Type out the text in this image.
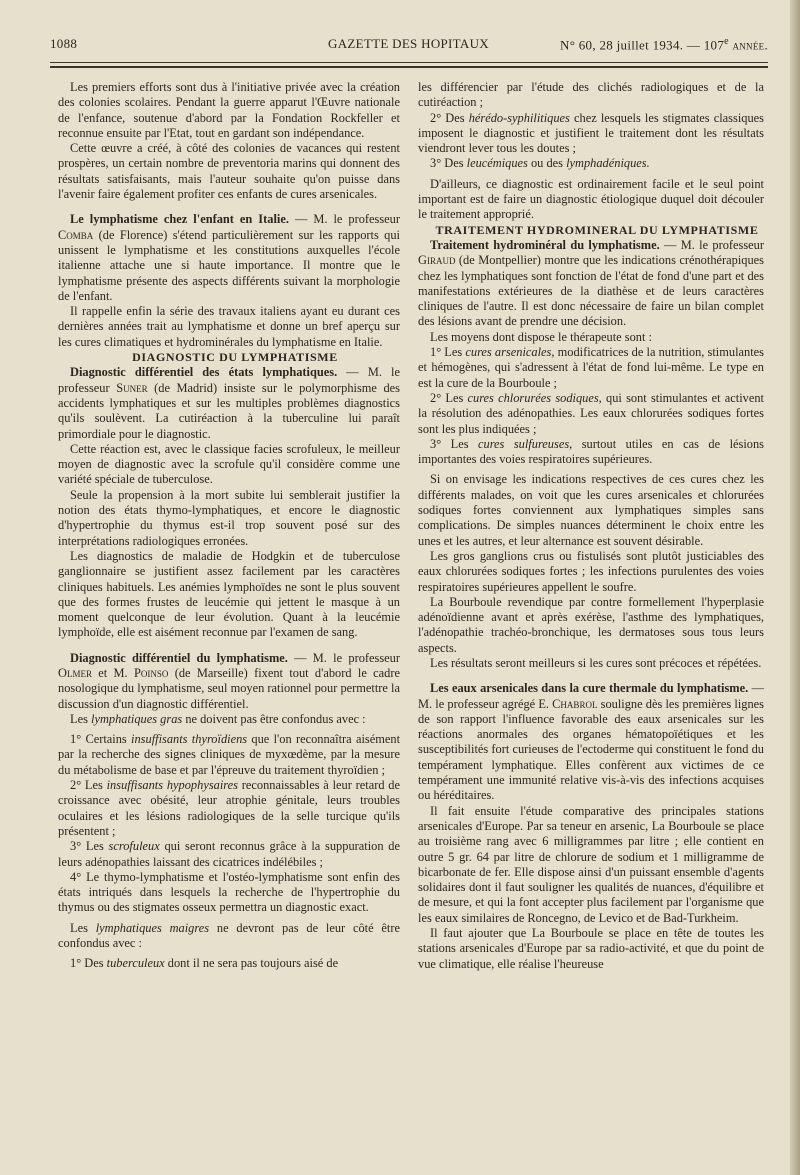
1088	GAZETTE DES HOPITAUX	N° 60, 28 juillet 1934. — 107e année.

Les premiers efforts sont dus à l'initiative privée avec la création des colonies scolaires. Pendant la guerre apparut l'Œuvre nationale de l'enfance, soutenue d'abord par la Fondation Rockfeller et reconnue ensuite par l'Etat, tout en gardant son indépendance.

Cette œuvre a créé, à côté des colonies de vacances qui restent prospères, un certain nombre de preventoria marins qui donnent des résultats satisfaisants, mais l'auteur souhaite qu'on puisse dans l'avenir faire également profiter ces enfants de cures arsenicales.

Le lymphatisme chez l'enfant en Italie. — M. le professeur Comba (de Florence) s'étend particulièrement sur les rapports qui unissent le lymphatisme et les constitutions auxquelles l'école italienne attache une si haute importance. Il montre que le lymphatisme présente des aspects différents suivant la morphologie de l'enfant.

Il rappelle enfin la série des travaux italiens ayant eu durant ces dernières années trait au lymphatisme et donne un bref aperçu sur les cures climatiques et hydrominérales du lymphatisme en Italie.

DIAGNOSTIC DU LYMPHATISME

Diagnostic différentiel des états lymphatiques. — M. le professeur Suner (de Madrid) insiste sur le polymorphisme des accidents lymphatiques et sur les multiples problèmes diagnostics qu'ils soulèvent. La cutiréaction à la tuberculine lui paraît primordiale pour le diagnostic.

Cette réaction est, avec le classique facies scrofuleux, le meilleur moyen de diagnostic avec la scrofule qu'il considère comme une variété spéciale de tuberculose.

Seule la propension à la mort subite lui semblerait justifier la notion des états thymo-lymphatiques, et encore le diagnostic d'hypertrophie du thymus est-il trop souvent posé sur des interprétations radiologiques erronées.

Les diagnostics de maladie de Hodgkin et de tuberculose ganglionnaire se justifient assez facilement par les caractères cliniques habituels. Les anémies lymphoïdes ne sont le plus souvent que des formes frustes de leucémie qui jettent le masque à un moment quelconque de leur évolution. Quant à la leucémie lymphoïde, elle est aisément reconnue par l'examen de sang.

Diagnostic différentiel du lymphatisme. — M. le professeur Olmer et M. Poinso (de Marseille) fixent tout d'abord le cadre nosologique du lymphatisme, seul moyen rationnel pour permettre la discussion d'un diagnostic différentiel.

Les lymphatiques gras ne doivent pas être confondus avec :

1° Certains insuffisants thyroïdiens que l'on reconnaîtra aisément par la recherche des signes cliniques de myxœdème, par la mesure du métabolisme de base et par l'épreuve du traitement thyroïdien ;

2° Les insuffisants hypophysaires reconnaissables à leur retard de croissance avec obésité, leur atrophie génitale, leurs troubles oculaires et les lésions radiologiques de la selle turcique qu'ils présentent ;

3° Les scrofuleux qui seront reconnus grâce à la suppuration de leurs adénopathies laissant des cicatrices indélébiles ;

4° Le thymo-lymphatisme et l'ostéo-lymphatisme sont enfin des états intriqués dans lesquels la recherche de l'hypertrophie du thymus ou des stigmates osseux permettra un diagnostic exact.

Les lymphatiques maigres ne devront pas de leur côté être confondus avec :

1° Des tuberculeux dont il ne sera pas toujours aisé de

les différencier par l'étude des clichés radiologiques et de la cutiréaction ;

2° Des hérédo-syphilitiques chez lesquels les stigmates classiques imposent le diagnostic et justifient le traitement dont les résultats viendront lever tous les doutes ;

3° Des leucémiques ou des lymphadéniques.

D'ailleurs, ce diagnostic est ordinairement facile et le seul point important est de faire un diagnostic étiologique duquel doit découler le traitement approprié.

TRAITEMENT HYDROMINERAL DU LYMPHATISME

Traitement hydrominéral du lymphatisme. — M. le professeur Giraud (de Montpellier) montre que les indications crénothérapiques chez les lymphatiques sont fonction de l'état de fond d'une part et des manifestations extérieures de la diathèse et de leurs caractères cliniques de l'autre. Il est donc nécessaire de faire un bilan complet des lésions avant de prendre une décision.

Les moyens dont dispose le thérapeute sont :

1° Les cures arsenicales, modificatrices de la nutrition, stimulantes et hémogènes, qui s'adressent à l'état de fond lui-même. Le type en est la cure de la Bourboule ;

2° Les cures chlorurées sodiques, qui sont stimulantes et activent la résolution des adénopathies. Les eaux chlorurées sodiques fortes sont les plus indiquées ;

3° Les cures sulfureuses, surtout utiles en cas de lésions importantes des voies respiratoires supérieures.

Si on envisage les indications respectives de ces cures chez les différents malades, on voit que les cures arsenicales et chlorurées sodiques fortes conviennent aux lymphatiques simples sans complications. De simples nuances déterminent le choix entre les unes et les autres, et leur alternance est souvent désirable.

Les gros ganglions crus ou fistulisés sont plutôt justiciables des eaux chlorurées sodiques fortes ; les infections purulentes des voies respiratoires supérieures appellent le soufre.

La Bourboule revendique par contre formellement l'hyperplasie adénoïdienne avant et après exérèse, l'asthme des lymphatiques, l'adénopathie trachéo-bronchique, les dermatoses sous tous leurs aspects.

Les résultats seront meilleurs si les cures sont précoces et répétées.

Les eaux arsenicales dans la cure thermale du lymphatisme. — M. le professeur agrégé E. Chabrol souligne dès les premières lignes de son rapport l'influence favorable des eaux arsenicales sur les réactions anormales des organes hématopoïétiques et les susceptibilités fort curieuses de l'ectoderme qui constituent le fond du tempérament lymphatique. Elles confèrent aux victimes de ce tempérament une immunité relative vis-à-vis des infections acquises ou héréditaires.

Il fait ensuite l'étude comparative des principales stations arsenicales d'Europe. Par sa teneur en arsenic, La Bourboule se place au troisième rang avec 6 milligrammes par litre ; elle contient en outre 5 gr. 64 par litre de chlorure de sodium et 1 milligramme de bicarbonate de fer. Elle dispose ainsi d'un puissant ensemble d'agents solidaires dont il faut souligner les qualités de nuances, d'équilibre et de mesure, et qui la font accepter plus facilement par l'organisme que les eaux similaires de Roncegno, de Levico et de Bad-Turkheim.

Il faut ajouter que La Bourboule se place en tête de toutes les stations arsenicales d'Europe par sa radio-activité, et que du point de vue climatique, elle réalise l'heureuse
